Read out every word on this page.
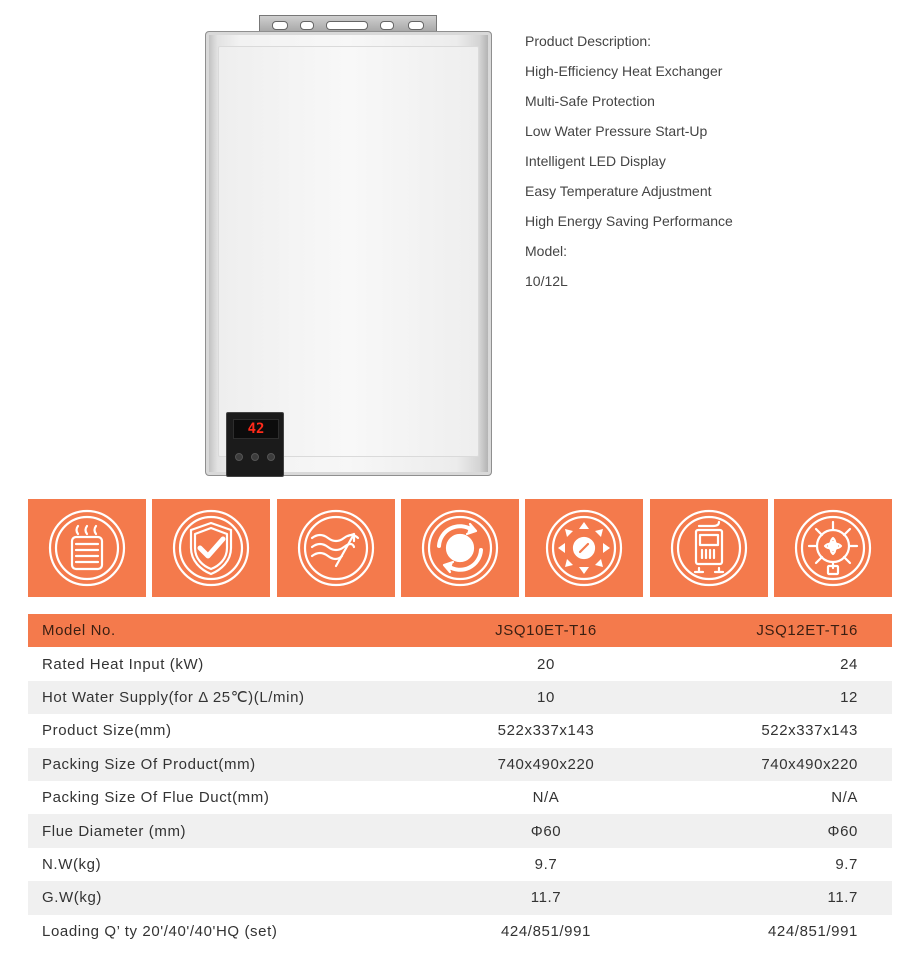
42
Product Description:
High-Efficiency Heat Exchanger
Multi-Safe Protection
Low Water Pressure Start-Up
Intelligent LED Display
Easy Temperature Adjustment
High Energy Saving Performance
Model:
10/12L
Model No.	JSQ10ET-T16	JSQ12ET-T16
Rated Heat Input (kW)	20	24
Hot Water Supply(for Δ 25℃)(L/min)	10	12
Product Size(mm)	522x337x143	522x337x143
Packing Size Of Product(mm)	740x490x220	740x490x220
Packing Size Of Flue Duct(mm)	N/A	N/A
Flue Diameter (mm)	Φ60	Φ60
N.W(kg)	9.7	9.7
G.W(kg)	11.7	11.7
Loading Q’ ty 20'/40'/40'HQ (set)	424/851/991	424/851/991
